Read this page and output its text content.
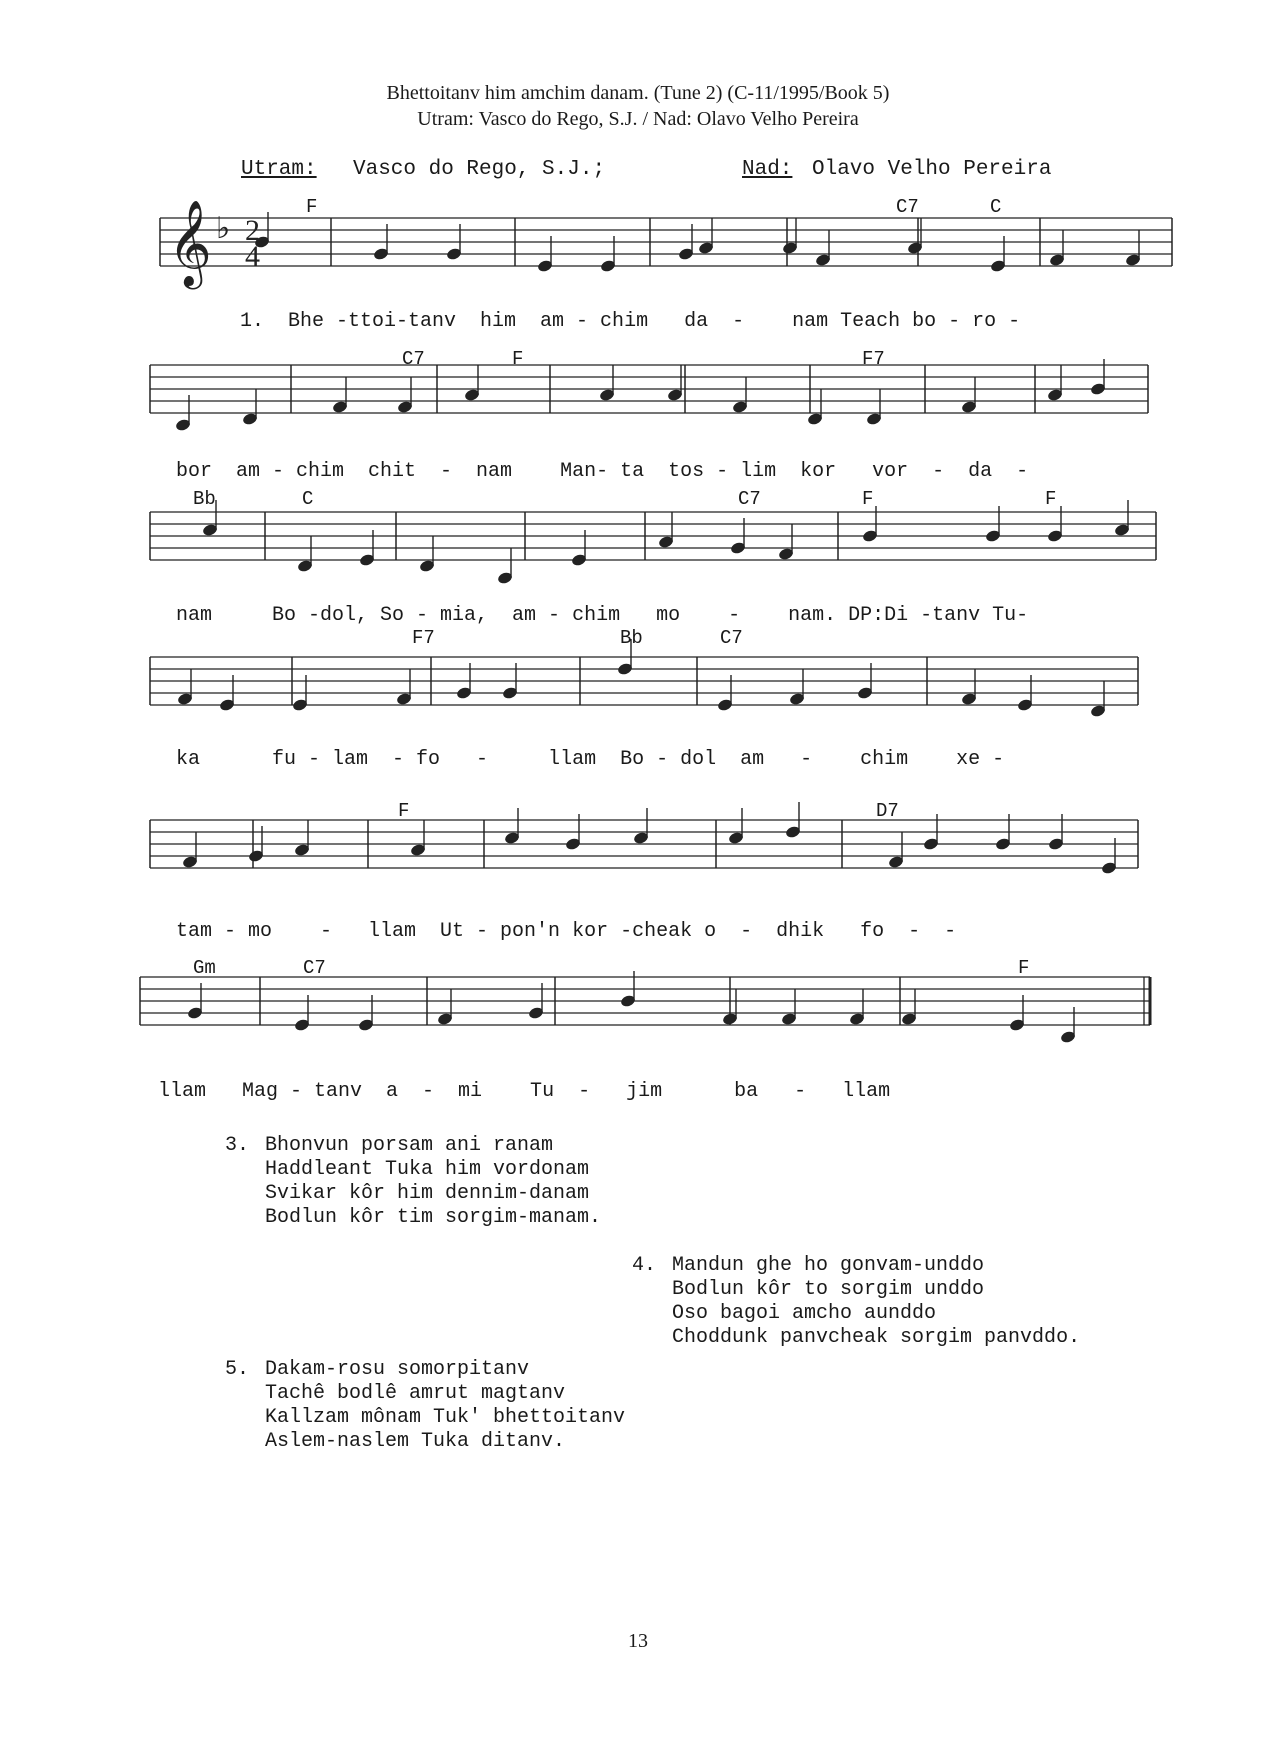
Bhettoitanv him amchim danam. (Tune 2) (C-11/1995/Book 5)
Utram: Vasco do Rego, S.J. / Nad: Olavo Velho Pereira
Utram: Vasco do Rego, S.J.;	Nad: Olavo Velho Pereira
𝄞 ♭ 2
4
F	C7	C
1.  Bhe -ttoi-tanv  him  am - chim   da  -    nam Teach bo - ro -
C7	F	F7
bor  am - chim  chit  -  nam    Man- ta  tos - lim  kor   vor  -  da  -
Bb	C	C7	F	F
nam     Bo -dol, So - mia,  am - chim   mo    -    nam. DP:Di -tanv Tu-
F7	Bb	C7
ka      fu - lam  - fo   -     llam  Bo - dol  am   -    chim    xe -
F	D7
tam - mo    -   llam  Ut - pon'n kor -cheak o  -  dhik   fo  -  -
Gm	C7	F
llam   Mag - tanv  a  -  mi    Tu  -   jim      ba   -   llam
3. Bhonvun porsam ani ranam
Haddleant Tuka him vordonam
Svikar kôr him dennim-danam
Bodlun kôr tim sorgim-manam.
4. Mandun ghe ho gonvam-unddo
Bodlun kôr to sorgim unddo
Oso bagoi amcho aunddo
Choddunk panvcheak sorgim panvddo.
5. Dakam-rosu somorpitanv
Tachê bodlê amrut magtanv
Kallzam mônam Tuk' bhettoitanv
Aslem-naslem Tuka ditanv.
13
